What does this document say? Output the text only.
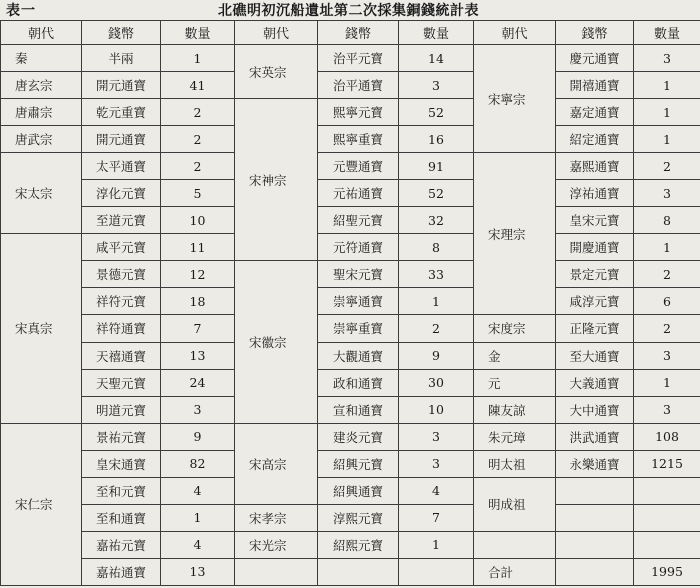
表一	北礁明初沉船遺址第二次採集銅錢統計表
朝代	錢幣	數量	朝代	錢幣	數量	朝代	錢幣	數量
秦	半兩	1	宋英宗	治平元寶	14	宋寧宗	慶元通寶	3
唐玄宗	開元通寶	41		治平通寶	3		開禧通寶	1
唐肅宗	乾元重寶	2	宋神宗	熙寧元寶	52		嘉定通寶	1
唐武宗	開元通寶	2		熙寧重寶	16		紹定通寶	1
宋太宗	太平通寶	2		元豐通寶	91	宋理宗	嘉熙通寶	2
	淳化元寶	5		元祐通寶	52		淳祐通寶	3
	至道元寶	10		紹聖元寶	32		皇宋元寶	8
宋真宗	咸平元寶	11		元符通寶	8		開慶通寶	1
	景德元寶	12	宋徽宗	聖宋元寶	33		景定元寶	2
	祥符元寶	18		崇寧通寶	1		咸淳元寶	6
	祥符通寶	7		崇寧重寶	2	宋度宗	正隆元寶	2
	天禧通寶	13		大觀通寶	9	金	至大通寶	3
	天聖元寶	24		政和通寶	30	元	大義通寶	1
	明道元寶	3		宣和通寶	10	陳友諒	大中通寶	3
宋仁宗	景祐元寶	9	宋高宗	建炎元寶	3	朱元璋	洪武通寶	108
	皇宋通寶	82		紹興元寶	3	明太祖	永樂通寶	1215
	至和元寶	4		紹興通寶	4	明成祖		
	至和通寶	1	宋孝宗	淳熙元寶	7			
	嘉祐元寶	4	宋光宗	紹熙元寶	1			
	嘉祐通寶	13				合計		1995
